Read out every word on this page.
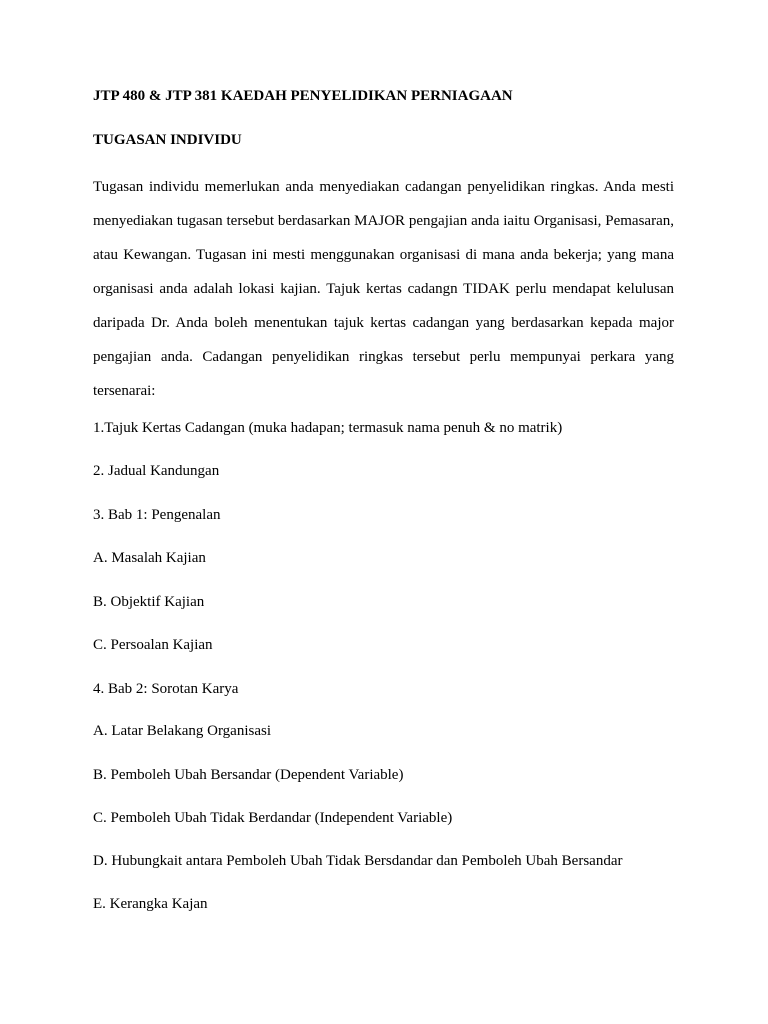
JTP 480 & JTP 381 KAEDAH PENYELIDIKAN PERNIAGAAN
TUGASAN INDIVIDU

Tugasan individu memerlukan anda menyediakan cadangan penyelidikan ringkas. Anda mesti menyediakan tugasan tersebut berdasarkan MAJOR pengajian anda iaitu Organisasi, Pemasaran, atau Kewangan. Tugasan ini mesti menggunakan organisasi di mana anda bekerja; yang mana organisasi anda adalah lokasi kajian. Tajuk kertas cadangn TIDAK perlu mendapat kelulusan daripada Dr. Anda boleh menentukan tajuk kertas cadangan yang berdasarkan kepada major pengajian anda. Cadangan penyelidikan ringkas tersebut perlu mempunyai perkara yang tersenarai:

1.Tajuk Kertas Cadangan (muka hadapan; termasuk nama penuh & no matrik)
2. Jadual Kandungan
3. Bab 1: Pengenalan
A. Masalah Kajian
B. Objektif Kajian
C. Persoalan Kajian
4. Bab 2: Sorotan Karya
A. Latar Belakang Organisasi
B. Pemboleh Ubah Bersandar (Dependent Variable)
C. Pemboleh Ubah Tidak Berdandar (Independent Variable)
D. Hubungkait antara Pemboleh Ubah Tidak Bersdandar dan Pemboleh Ubah Bersandar
E. Kerangka Kajan
